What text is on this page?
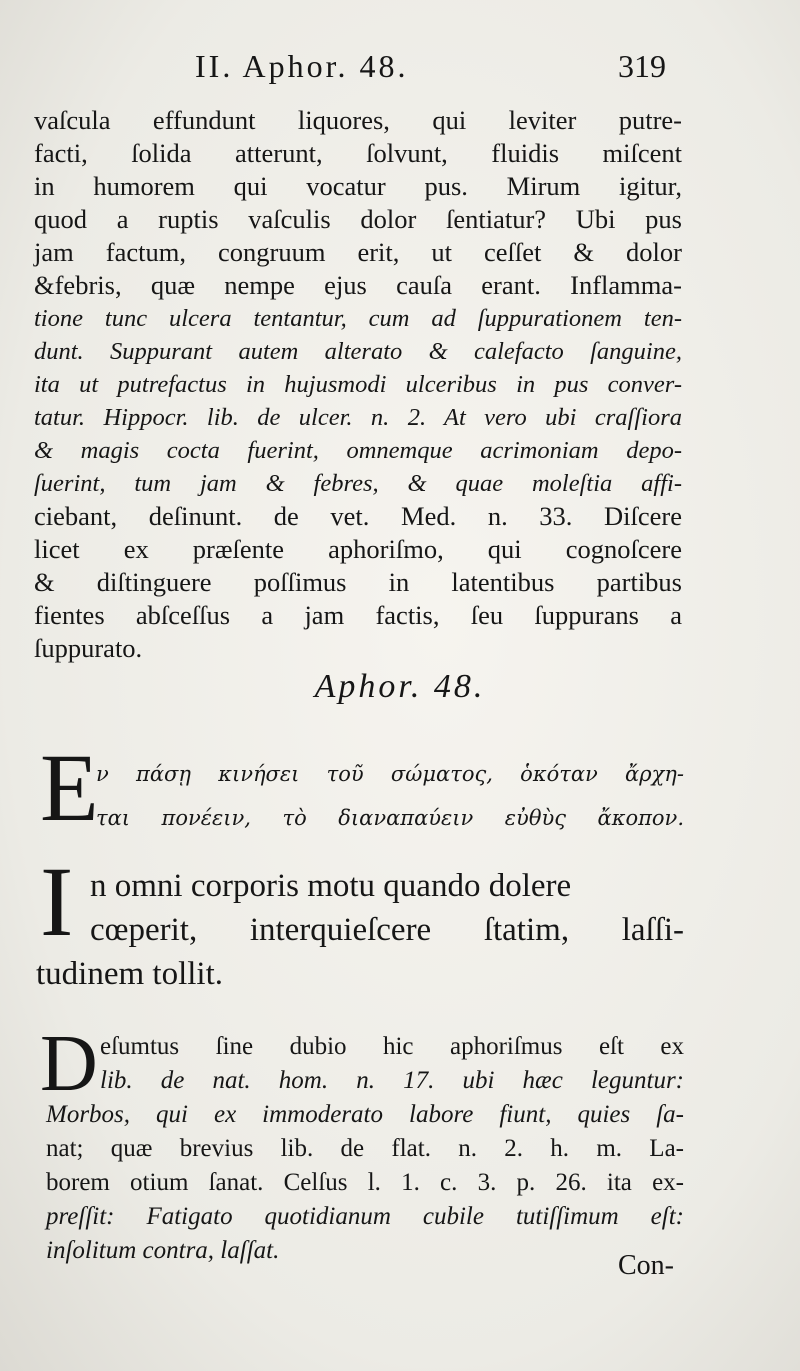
II. Aphor. 48.	319
vaſcula effundunt liquores, qui leviter putre-
facti, ſolida atterunt, ſolvunt, fluidis miſcent
in humorem qui vocatur pus. Mirum igitur,
quod a ruptis vaſculis dolor ſentiatur? Ubi pus
jam factum, congruum erit, ut ceſſet & dolor
&febris, quæ nempe ejus cauſa erant. Inflamma-
tione tunc ulcera tentantur, cum ad ſuppurationem ten-
dunt. Suppurant autem alterato & calefacto ſanguine,
ita ut putrefactus in hujusmodi ulceribus in pus conver-
tatur. Hippocr. lib. de ulcer. n. 2. At vero ubi craſſiora
& magis cocta fuerint, omnemque acrimoniam depo-
ſuerint, tum jam & febres, & quae moleſtia affi-
ciebant, deſinunt. de vet. Med. n. 33. Diſcere
licet ex præſente aphoriſmo, qui cognoſcere
& diſtinguere poſſimus in latentibus partibus
fientes abſceſſus a jam factis, ſeu ſuppurans a
ſuppurato.
Aphor. 48.
E
ν πάσῃ κινήσει τοῦ σώματος, ὁκόταν ἄρχη-
ται πονέειν, τὸ διαναπαύειν εὐθὺς ἄκοπον.
I n omni corporis motu quando dolere
cœperit, interquieſcere ſtatim, laſſi-
tudinem tollit.
D eſumtus ſine dubio hic aphoriſmus eſt ex
lib. de nat. hom. n. 17. ubi hæc leguntur:
Morbos, qui ex immoderato labore fiunt, quies ſa-
nat; quæ brevius lib. de flat. n. 2. h. m. La-
borem otium ſanat. Celſus l. 1. c. 3. p. 26. ita ex-
preſſit: Fatigato quotidianum cubile tutiſſimum eſt:
inſolitum contra, laſſat.	Con-
